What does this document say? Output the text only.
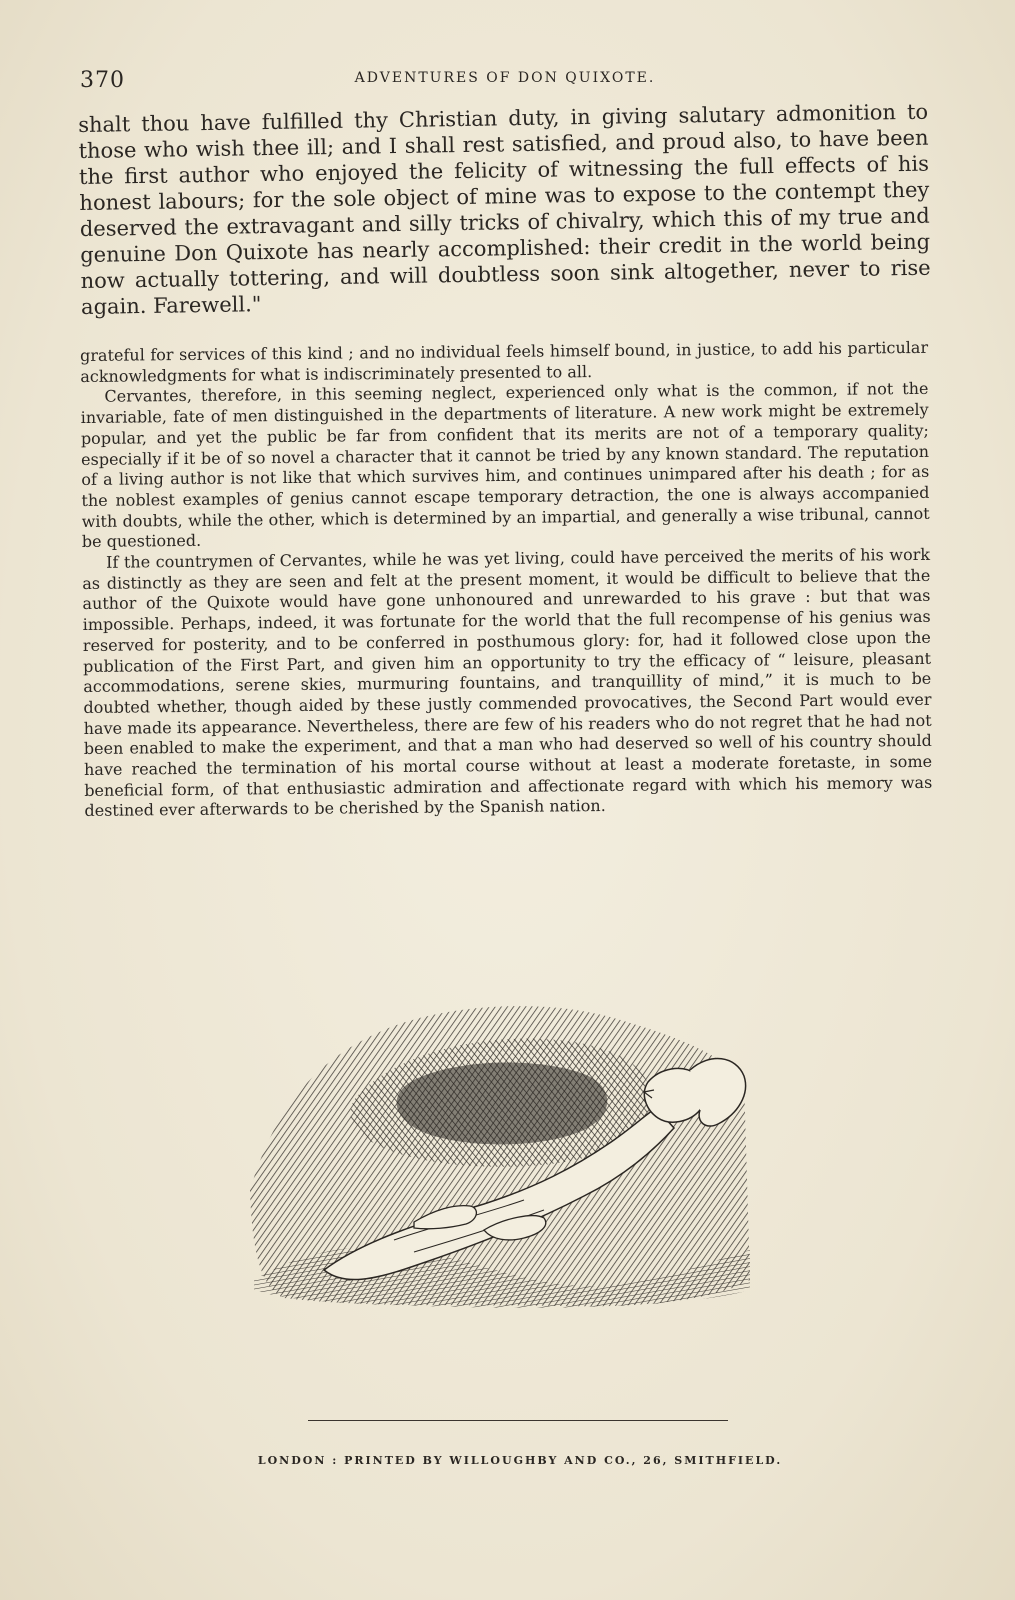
370	ADVENTURES OF DON QUIXOTE.

shalt thou have fulfilled thy Christian duty, in giving salutary admonition to those who wish thee ill; and I shall rest satisfied, and proud also, to have been the first author who enjoyed the felicity of witnessing the full effects of his honest labours; for the sole object of mine was to expose to the contempt they deserved the extravagant and silly tricks of chivalry, which this of my true and genuine Don Quixote has nearly accomplished: their credit in the world being now actually tottering, and will doubtless soon sink altogether, never to rise again. Farewell."

grateful for services of this kind ; and no individual feels himself bound, in justice, to add his particular acknowledgments for what is indiscriminately presented to all.

Cervantes, therefore, in this seeming neglect, experienced only what is the common, if not the invariable, fate of men distinguished in the departments of literature. A new work might be extremely popular, and yet the public be far from confident that its merits are not of a temporary quality; especially if it be of so novel a character that it cannot be tried by any known standard. The reputation of a living author is not like that which survives him, and continues unimpared after his death ; for as the noblest examples of genius cannot escape temporary detraction, the one is always accompanied with doubts, while the other, which is determined by an impartial, and generally a wise tribunal, cannot be questioned.

If the countrymen of Cervantes, while he was yet living, could have perceived the merits of his work as distinctly as they are seen and felt at the present moment, it would be difficult to believe that the author of the Quixote would have gone unhonoured and unrewarded to his grave : but that was impossible. Perhaps, indeed, it was fortunate for the world that the full recompense of his genius was reserved for posterity, and to be conferred in posthumous glory: for, had it followed close upon the publication of the First Part, and given him an opportunity to try the efficacy of “ leisure, pleasant accommodations, serene skies, murmuring fountains, and tranquillity of mind,” it is much to be doubted whether, though aided by these justly commended provocatives, the Second Part would ever have made its appearance. Nevertheless, there are few of his readers who do not regret that he had not been enabled to make the experiment, and that a man who had deserved so well of his country should have reached the termination of his mortal course without at least a moderate foretaste, in some beneficial form, of that enthusiastic admiration and affectionate regard with which his memory was destined ever afterwards to be cherished by the Spanish nation.

LONDON : PRINTED BY WILLOUGHBY AND CO., 26, SMITHFIELD.
